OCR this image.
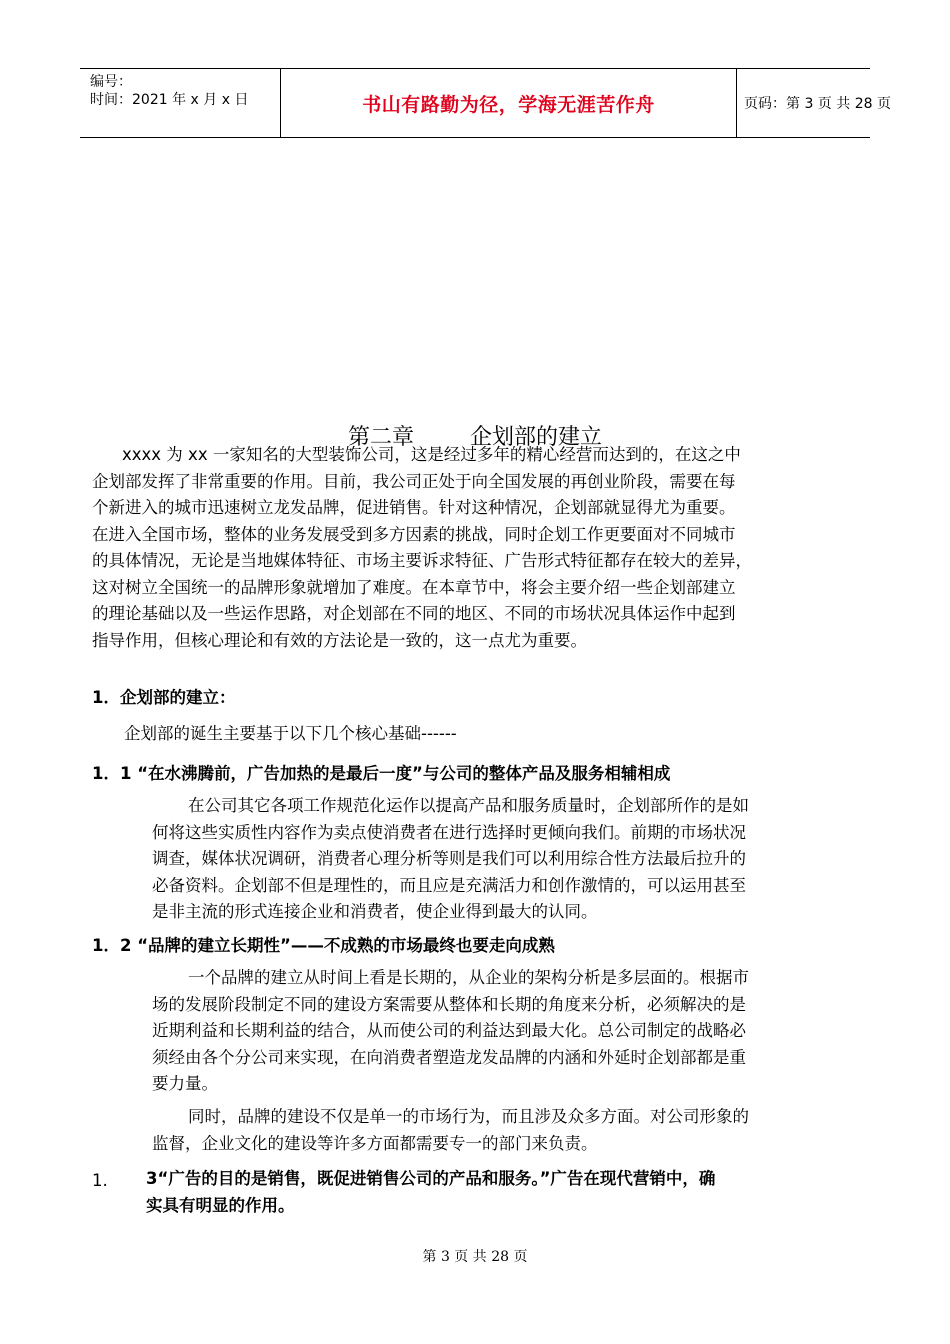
编号：
时间：2021 年 x 月 x 日	书山有路勤为径，学海无涯苦作舟	页码：第 3 页 共 28 页
第二章        企划部的建立
xxxx 为 xx 一家知名的大型装饰公司，这是经过多年的精心经营而达到的，在这之中
企划部发挥了非常重要的作用。目前，我公司正处于向全国发展的再创业阶段，需要在每
个新进入的城市迅速树立龙发品牌，促进销售。针对这种情况，企划部就显得尤为重要。
在进入全国市场，整体的业务发展受到多方因素的挑战，同时企划工作更要面对不同城市
的具体情况，无论是当地媒体特征、市场主要诉求特征、广告形式特征都存在较大的差异，
这对树立全国统一的品牌形象就增加了难度。在本章节中，将会主要介绍一些企划部建立
的理论基础以及一些运作思路，对企划部在不同的地区、不同的市场状况具体运作中起到
指导作用，但核心理论和有效的方法论是一致的，这一点尤为重要。
1．企划部的建立：
企划部的诞生主要基于以下几个核心基础------
1．1 “在水沸腾前，广告加热的是最后一度”与公司的整体产品及服务相辅相成
在公司其它各项工作规范化运作以提高产品和服务质量时，企划部所作的是如
何将这些实质性内容作为卖点使消费者在进行选择时更倾向我们。前期的市场状况
调查，媒体状况调研，消费者心理分析等则是我们可以利用综合性方法最后拉升的
必备资料。企划部不但是理性的，而且应是充满活力和创作激情的，可以运用甚至
是非主流的形式连接企业和消费者，使企业得到最大的认同。
1．2 “品牌的建立长期性”——不成熟的市场最终也要走向成熟
一个品牌的建立从时间上看是长期的，从企业的架构分析是多层面的。根据市
场的发展阶段制定不同的建设方案需要从整体和长期的角度来分析，必须解决的是
近期利益和长期利益的结合，从而使公司的利益达到最大化。总公司制定的战略必
须经由各个分公司来实现，在向消费者塑造龙发品牌的内涵和外延时企划部都是重
要力量。
同时，品牌的建设不仅是单一的市场行为，而且涉及众多方面。对公司形象的
监督，企业文化的建设等许多方面都需要专一的部门来负责。
1. 3“广告的目的是销售，既促进销售公司的产品和服务。”广告在现代营销中，确
实具有明显的作用。
第 3 页 共 28 页
